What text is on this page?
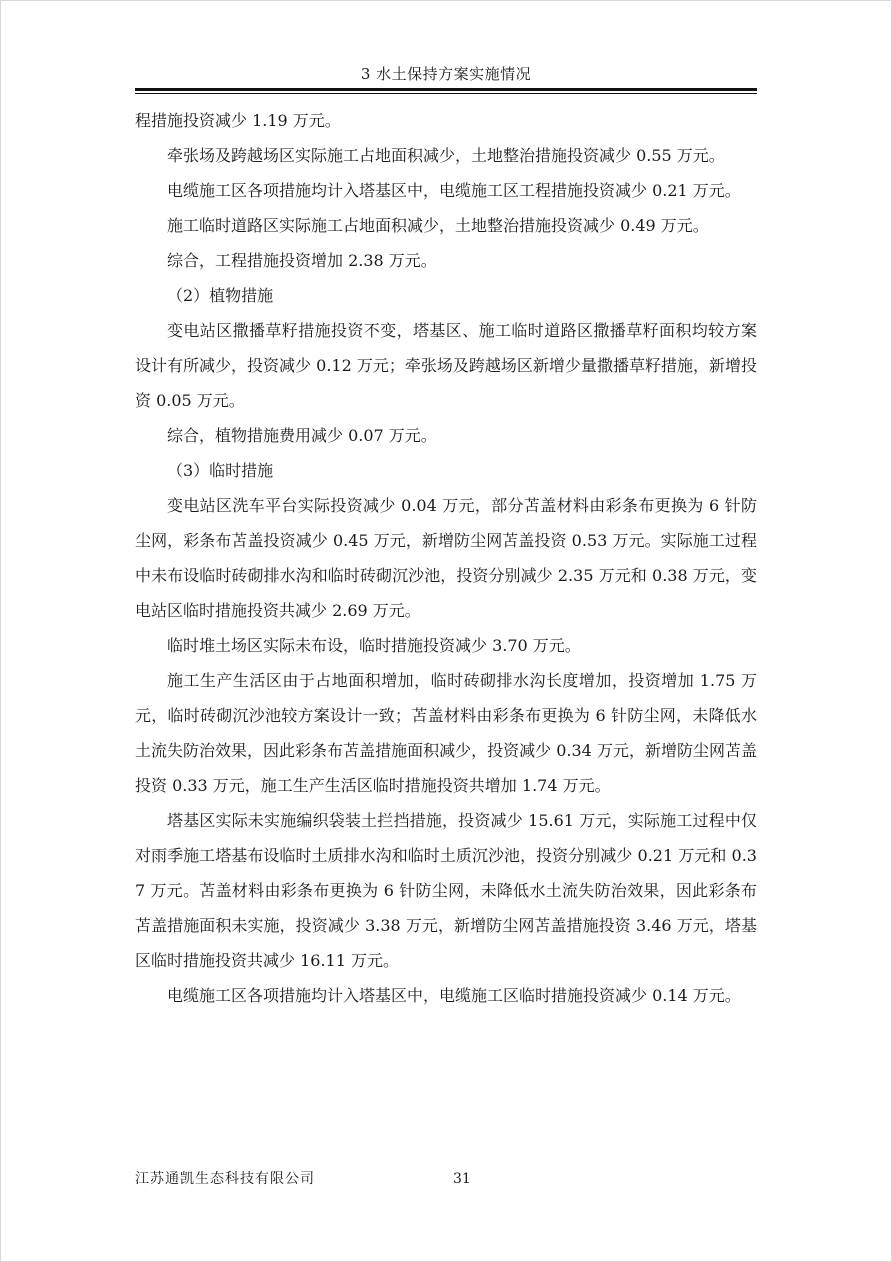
3 水土保持方案实施情况

程措施投资减少 1.19 万元。

牵张场及跨越场区实际施工占地面积减少，土地整治措施投资减少 0.55 万元。

电缆施工区各项措施均计入塔基区中，电缆施工区工程措施投资减少 0.21 万元。

施工临时道路区实际施工占地面积减少，土地整治措施投资减少 0.49 万元。

综合，工程措施投资增加 2.38 万元。

（2）植物措施

变电站区撒播草籽措施投资不变，塔基区、施工临时道路区撒播草籽面积均较方案设计有所减少，投资减少 0.12 万元；牵张场及跨越场区新增少量撒播草籽措施，新增投资 0.05 万元。

综合，植物措施费用减少 0.07 万元。

（3）临时措施

变电站区洗车平台实际投资减少 0.04 万元，部分苫盖材料由彩条布更换为 6 针防尘网，彩条布苫盖投资减少 0.45 万元，新增防尘网苫盖投资 0.53 万元。实际施工过程中未布设临时砖砌排水沟和临时砖砌沉沙池，投资分别减少 2.35 万元和 0.38 万元，变电站区临时措施投资共减少 2.69 万元。

临时堆土场区实际未布设，临时措施投资减少 3.70 万元。

施工生产生活区由于占地面积增加，临时砖砌排水沟长度增加，投资增加 1.75 万元，临时砖砌沉沙池较方案设计一致；苫盖材料由彩条布更换为 6 针防尘网，未降低水土流失防治效果，因此彩条布苫盖措施面积减少，投资减少 0.34 万元，新增防尘网苫盖投资 0.33 万元，施工生产生活区临时措施投资共增加 1.74 万元。

塔基区实际未实施编织袋装土拦挡措施，投资减少 15.61 万元，实际施工过程中仅对雨季施工塔基布设临时土质排水沟和临时土质沉沙池，投资分别减少 0.21 万元和 0.37 万元。苫盖材料由彩条布更换为 6 针防尘网，未降低水土流失防治效果，因此彩条布苫盖措施面积未实施，投资减少 3.38 万元，新增防尘网苫盖措施投资 3.46 万元，塔基区临时措施投资共减少 16.11 万元。

电缆施工区各项措施均计入塔基区中，电缆施工区临时措施投资减少 0.14 万元。

江苏通凯生态科技有限公司	31
